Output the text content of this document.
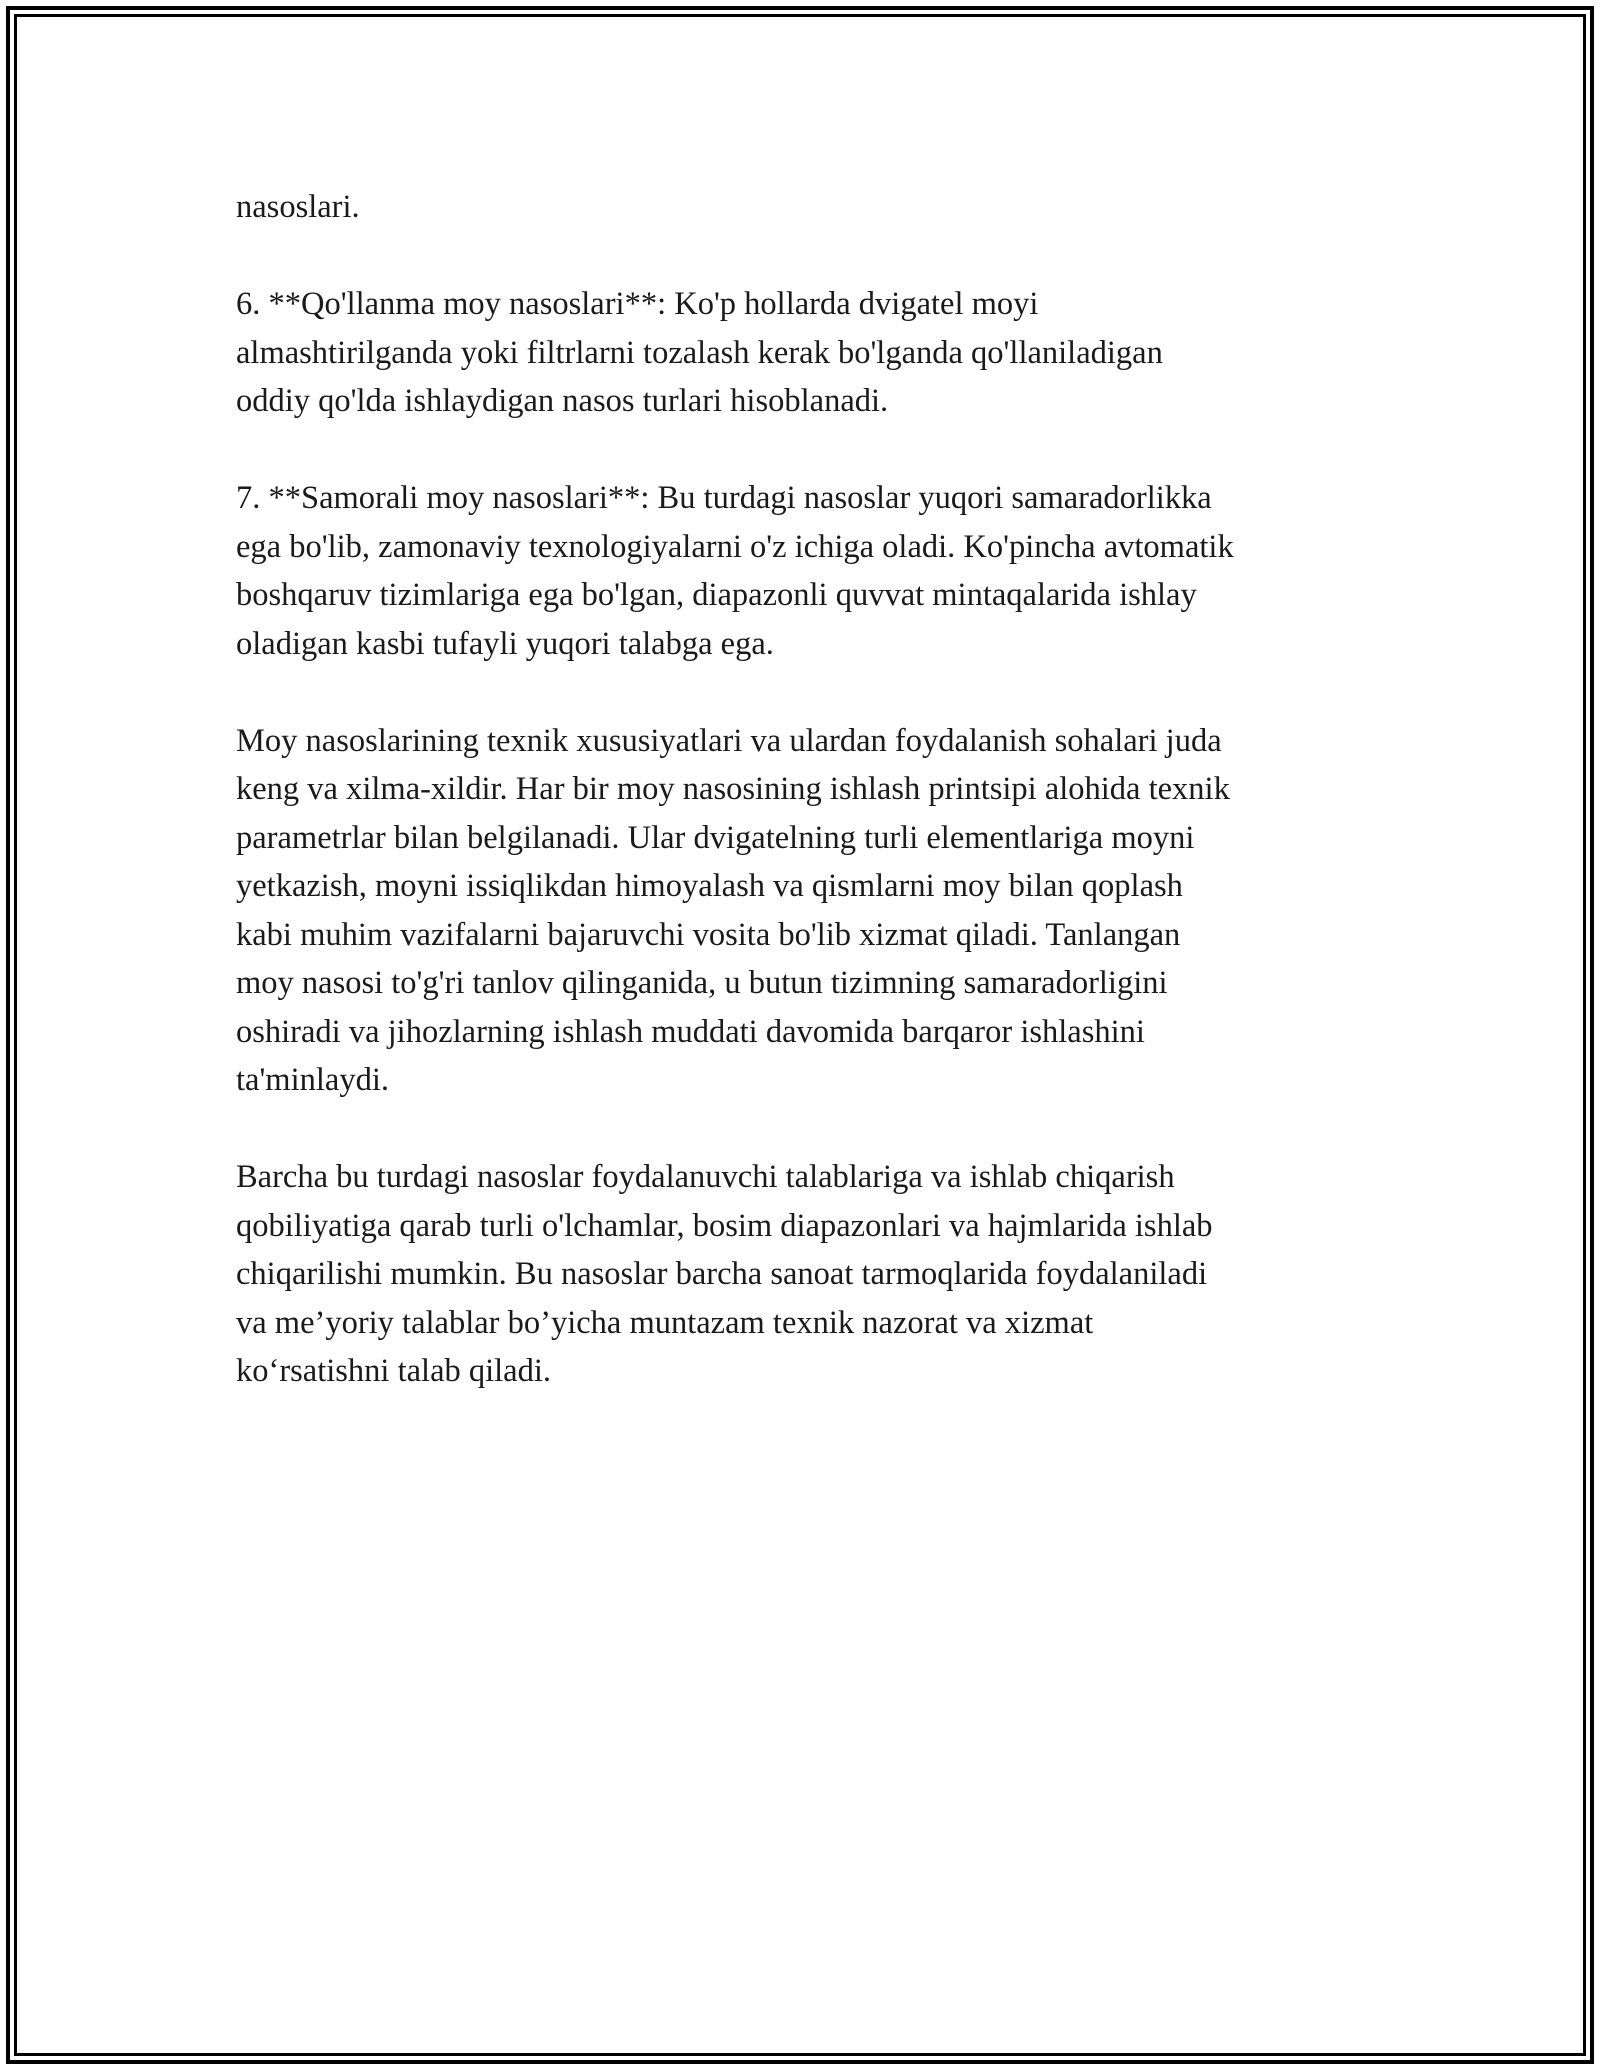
nasoslari.

6. **Qo'llanma moy nasoslari**: Ko'p hollarda dvigatel moyi
almashtirilganda yoki filtrlarni tozalash kerak bo'lganda qo'llaniladigan
oddiy qo'lda ishlaydigan nasos turlari hisoblanadi.

7. **Samorali moy nasoslari**: Bu turdagi nasoslar yuqori samaradorlikka
ega bo'lib, zamonaviy texnologiyalarni o'z ichiga oladi. Ko'pincha avtomatik
boshqaruv tizimlariga ega bo'lgan, diapazonli quvvat mintaqalarida ishlay
oladigan kasbi tufayli yuqori talabga ega.

Moy nasoslarining texnik xususiyatlari va ulardan foydalanish sohalari juda
keng va xilma-xildir. Har bir moy nasosining ishlash printsipi alohida texnik
parametrlar bilan belgilanadi. Ular dvigatelning turli elementlariga moyni
yetkazish, moyni issiqlikdan himoyalash va qismlarni moy bilan qoplash
kabi muhim vazifalarni bajaruvchi vosita bo'lib xizmat qiladi. Tanlangan
moy nasosi to'g'ri tanlov qilinganida, u butun tizimning samaradorligini
oshiradi va jihozlarning ishlash muddati davomida barqaror ishlashini
ta'minlaydi.

Barcha bu turdagi nasoslar foydalanuvchi talablariga va ishlab chiqarish
qobiliyatiga qarab turli o'lchamlar, bosim diapazonlari va hajmlarida ishlab
chiqarilishi mumkin. Bu nasoslar barcha sanoat tarmoqlarida foydalaniladi
va me’yoriy talablar bo’yicha muntazam texnik nazorat va xizmat
ko‘rsatishni talab qiladi.
